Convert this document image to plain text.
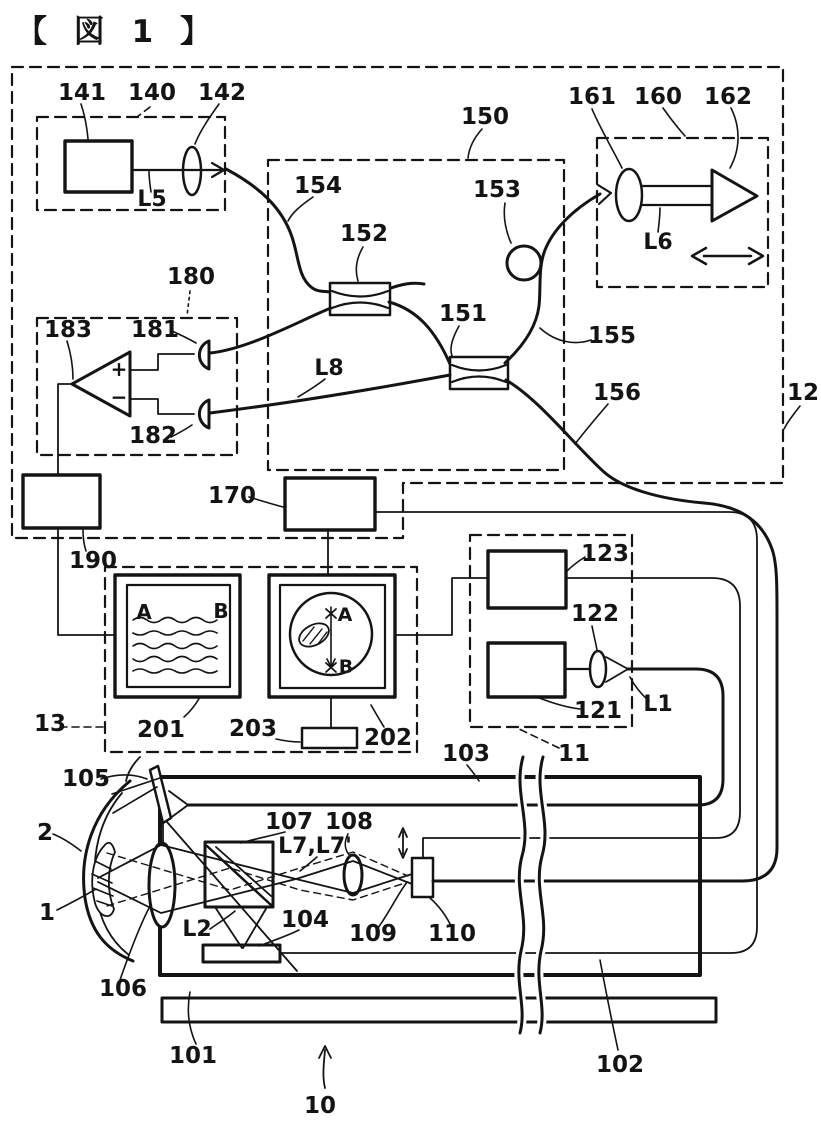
【 図 1 】
141 140 142	161 160 162
150
L5
154
152
153
L6
151
155
L8
180
183 181
182
156	12
170
190	123
122
121 L1
11
103
13	201 203	202
105
2
1
106
L2	104
107 108
L7,L7'
109 110
101	102
10
A	B	A
B
+
−
